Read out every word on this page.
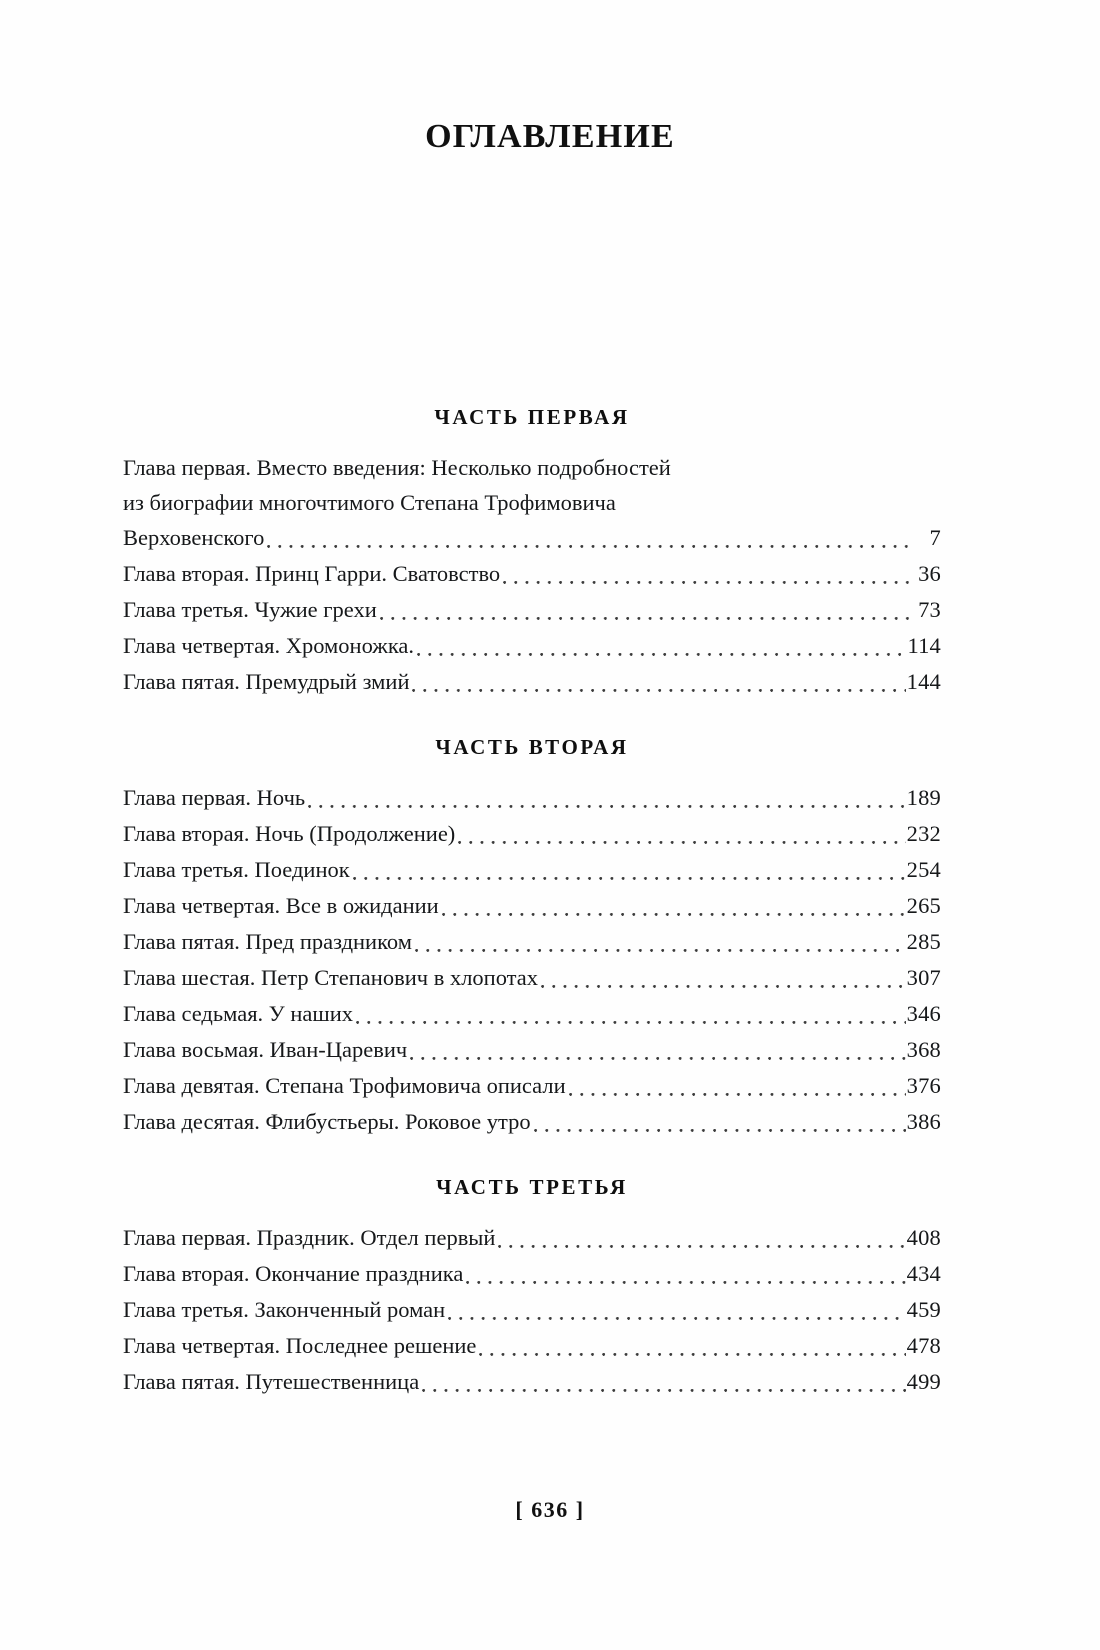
ОГЛАВЛЕНИЕ
ЧАСТЬ ПЕРВАЯ
Глава первая. Вместо введения: Несколько подробностей
из биографии многочтимого Степана Трофимовича
Верховенского	7
Глава вторая. Принц Гарри. Сватовство	36
Глава третья. Чужие грехи	73
Глава четвертая. Хромоножка.	114
Глава пятая. Премудрый змий	144
ЧАСТЬ ВТОРАЯ
Глава первая. Ночь	189
Глава вторая. Ночь (Продолжение)	232
Глава третья. Поединок	254
Глава четвертая. Все в ожидании	265
Глава пятая. Пред праздником	285
Глава шестая. Петр Степанович в хлопотах	307
Глава седьмая. У наших	346
Глава восьмая. Иван-Царевич	368
Глава девятая. Степана Трофимовича описали	376
Глава десятая. Флибустьеры. Роковое утро	386
ЧАСТЬ ТРЕТЬЯ
Глава первая. Праздник. Отдел первый	408
Глава вторая. Окончание праздника	434
Глава третья. Законченный роман	459
Глава четвертая. Последнее решение	478
Глава пятая. Путешественница	499
[ 636 ]
